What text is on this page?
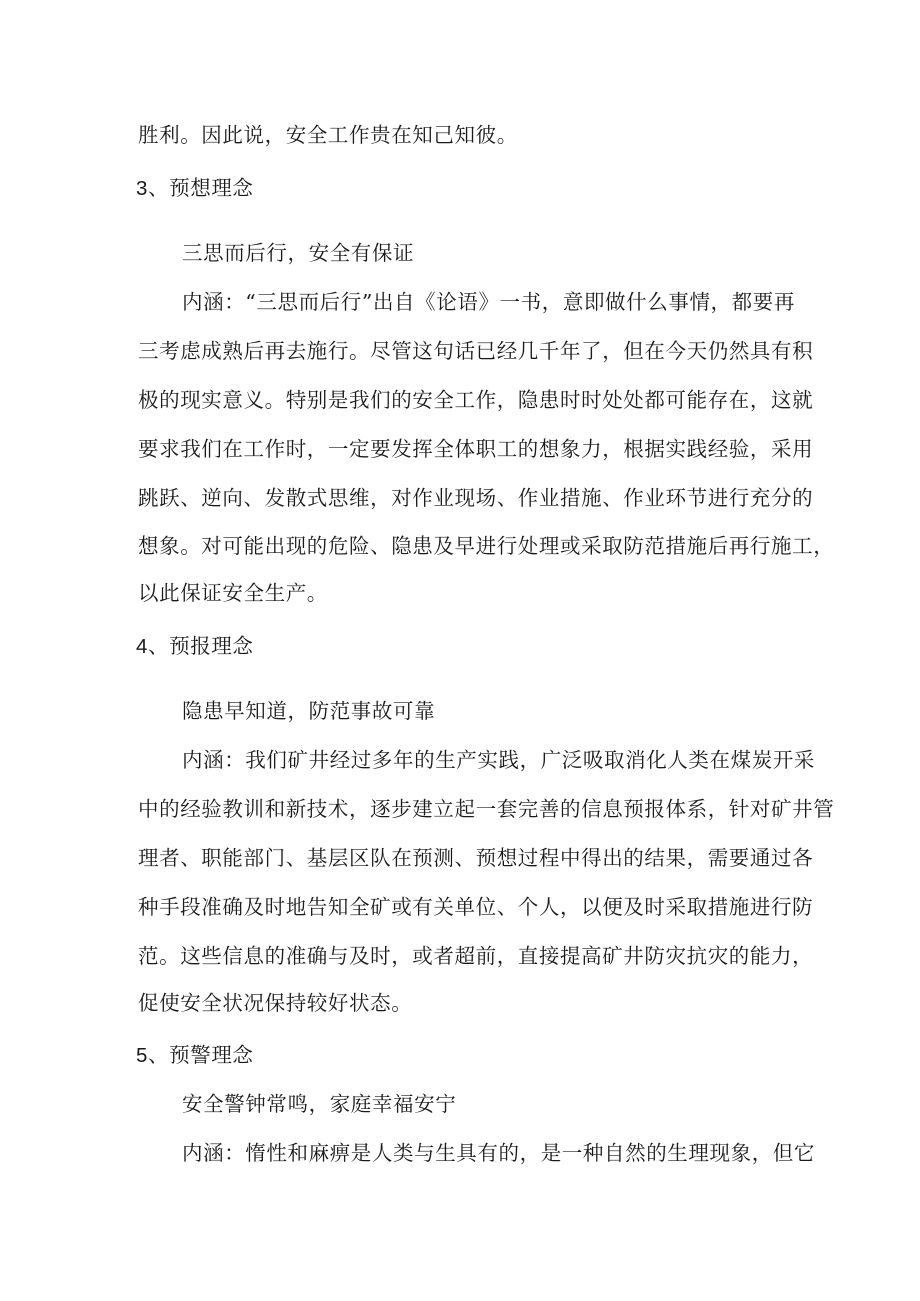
胜利。因此说，安全工作贵在知己知彼。
3、预想理念
三思而后行，安全有保证
内涵：“三思而后行”出自《论语》一书，意即做什么事情，都要再
三考虑成熟后再去施行。尽管这句话已经几千年了，但在今天仍然具有积
极的现实意义。特别是我们的安全工作，隐患时时处处都可能存在，这就
要求我们在工作时，一定要发挥全体职工的想象力，根据实践经验，采用
跳跃、逆向、发散式思维，对作业现场、作业措施、作业环节进行充分的
想象。对可能出现的危险、隐患及早进行处理或采取防范措施后再行施工，
以此保证安全生产。
4、预报理念
隐患早知道，防范事故可靠
内涵：我们矿井经过多年的生产实践，广泛吸取消化人类在煤炭开采
中的经验教训和新技术，逐步建立起一套完善的信息预报体系，针对矿井管
理者、职能部门、基层区队在预测、预想过程中得出的结果，需要通过各
种手段准确及时地告知全矿或有关单位、个人，以便及时采取措施进行防
范。这些信息的准确与及时，或者超前，直接提高矿井防灾抗灾的能力，
促使安全状况保持较好状态。
5、预警理念
安全警钟常鸣，家庭幸福安宁
内涵：惰性和麻痹是人类与生具有的，是一种自然的生理现象，但它
